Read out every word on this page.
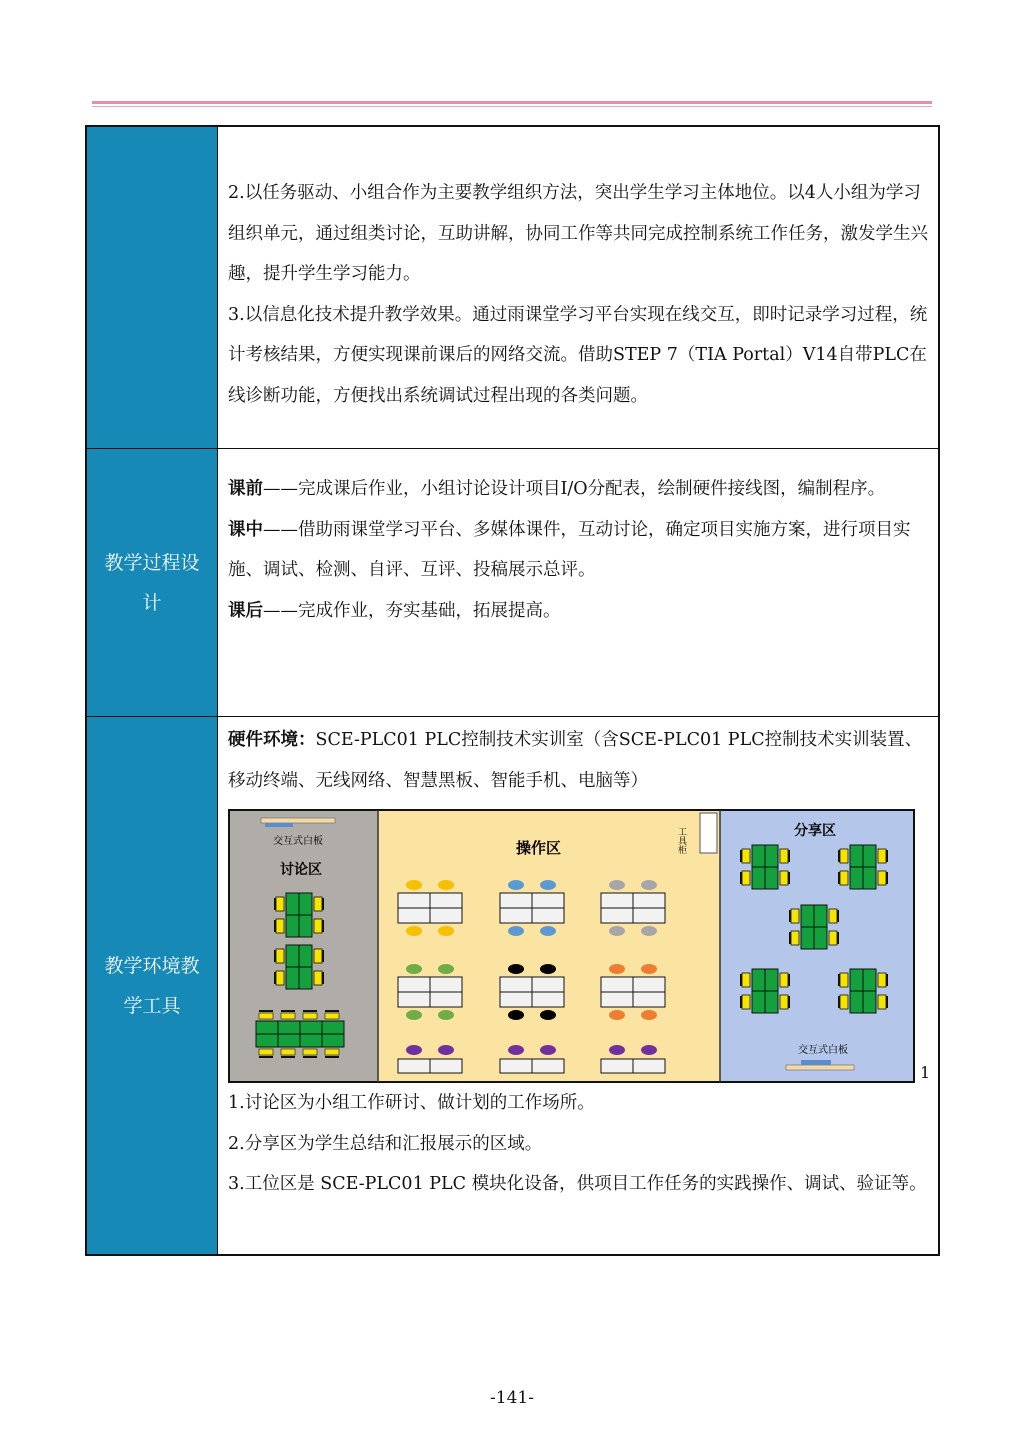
2.以任务驱动、小组合作为主要教学组织方法，突出学生学习主体地位。以4人小组为学习组织单元，通过组类讨论，互助讲解，协同工作等共同完成控制系统工作任务，激发学生兴趣，提升学生学习能力。

3.以信息化技术提升教学效果。通过雨课堂学习平台实现在线交互，即时记录学习过程，统计考核结果，方便实现课前课后的网络交流。借助STEP 7（TIA Portal）V14自带PLC在线诊断功能，方便找出系统调试过程出现的各类问题。

教学过程设计

课前——完成课后作业，小组讨论设计项目I/O分配表，绘制硬件接线图，编制程序。

课中——借助雨课堂学习平台、多媒体课件，互动讨论，确定项目实施方案，进行项目实施、调试、检测、自评、互评、投稿展示总评。

课后——完成作业，夯实基础，拓展提高。

教学环境教学工具

硬件环境：SCE-PLC01 PLC控制技术实训室（含SCE-PLC01 PLC控制技术实训装置、移动终端、无线网络、智慧黑板、智能手机、电脑等）

交互式白板
讨论区
操作区	工具柜	分享区
交互式白板
1

1.讨论区为小组工作研讨、做计划的工作场所。

2.分享区为学生总结和汇报展示的区域。

3.工位区是 SCE-PLC01 PLC 模块化设备，供项目工作任务的实践操作、调试、验证等。

-141-
